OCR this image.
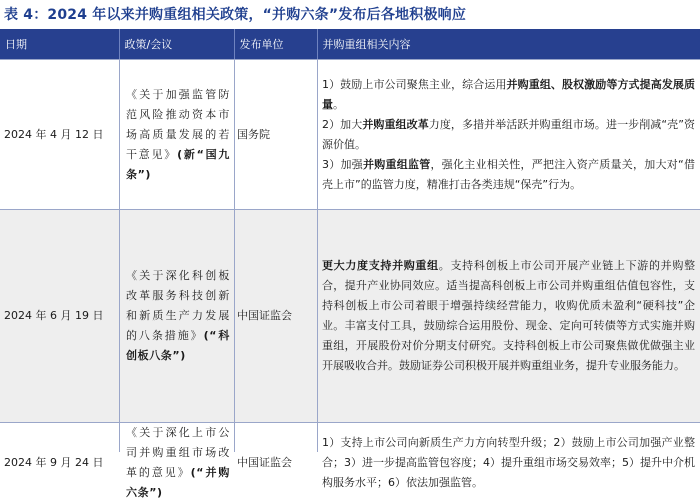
表 4：2024 年以来并购重组相关政策，“并购六条”发布后各地积极响应
日期	政策/会议	发布单位	并购重组相关内容
2024 年 4 月 12 日	《关于加强监管防范风险推动资本市场高质量发展的若干意见》(新“国九条”)	国务院	1）鼓励上市公司聚焦主业，综合运用并购重组、股权激励等方式提高发展质量。

2）加大并购重组改革力度，多措并举活跃并购重组市场。进一步削减“壳”资源价值。

3）加强并购重组监管，强化主业相关性，严把注入资产质量关，加大对“借壳上市”的监管力度，精准打击各类违规“保壳”行为。

2024 年 6 月 19 日	《关于深化科创板改革服务科技创新和新质生产力发展的八条措施》(“科创板八条”)	中国证监会	更大力度支持并购重组。支持科创板上市公司开展产业链上下游的并购整合，提升产业协同效应。适当提高科创板上市公司并购重组估值包容性，支持科创板上市公司着眼于增强持续经营能力，收购优质未盈利“硬科技”企业。丰富支付工具，鼓励综合运用股份、现金、定向可转债等方式实施并购重组，开展股份对价分期支付研究。支持科创板上市公司聚焦做优做强主业开展吸收合并。鼓励证券公司积极开展并购重组业务，提升专业服务能力。

2024 年 9 月 24 日	《关于深化上市公司并购重组市场改革的意见》(“并购六条”)	中国证监会	1）支持上市公司向新质生产力方向转型升级；2）鼓励上市公司加强产业整合；3）进一步提高监管包容度；4）提升重组市场交易效率；5）提升中介机构服务水平；6）依法加强监管。
